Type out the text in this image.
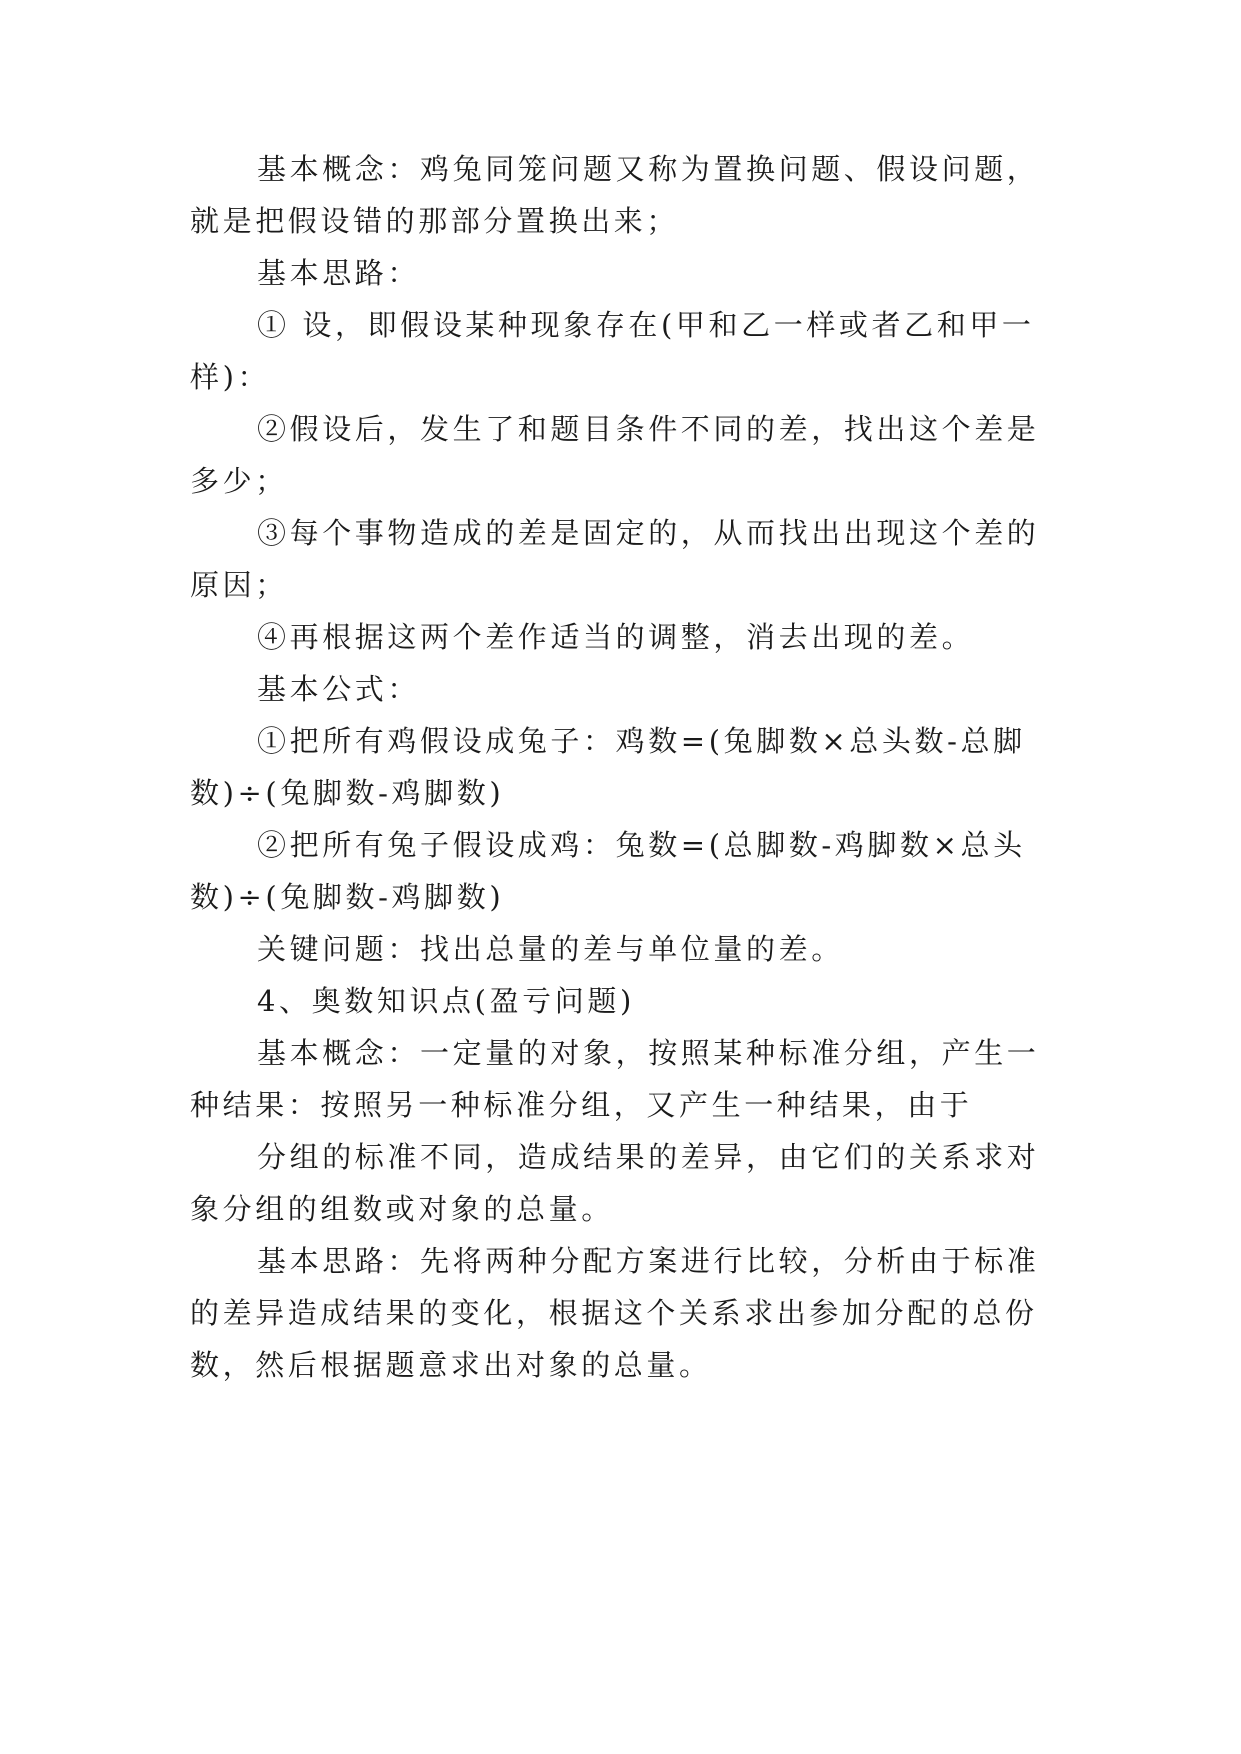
基本概念：鸡兔同笼问题又称为置换问题、假设问题，
就是把假设错的那部分置换出来；
基本思路：
① 设，即假设某种现象存在(甲和乙一样或者乙和甲一
样)：
②假设后，发生了和题目条件不同的差，找出这个差是
多少；
③每个事物造成的差是固定的，从而找出出现这个差的
原因；
④再根据这两个差作适当的调整，消去出现的差。
基本公式：
①把所有鸡假设成兔子：鸡数=(兔脚数×总头数-总脚
数)÷(兔脚数-鸡脚数)
②把所有兔子假设成鸡：兔数=(总脚数-鸡脚数×总头
数)÷(兔脚数-鸡脚数)
关键问题：找出总量的差与单位量的差。
4、奥数知识点(盈亏问题)
基本概念：一定量的对象，按照某种标准分组，产生一
种结果：按照另一种标准分组，又产生一种结果，由于
分组的标准不同，造成结果的差异，由它们的关系求对
象分组的组数或对象的总量。
基本思路：先将两种分配方案进行比较，分析由于标准
的差异造成结果的变化，根据这个关系求出参加分配的总份
数，然后根据题意求出对象的总量。
